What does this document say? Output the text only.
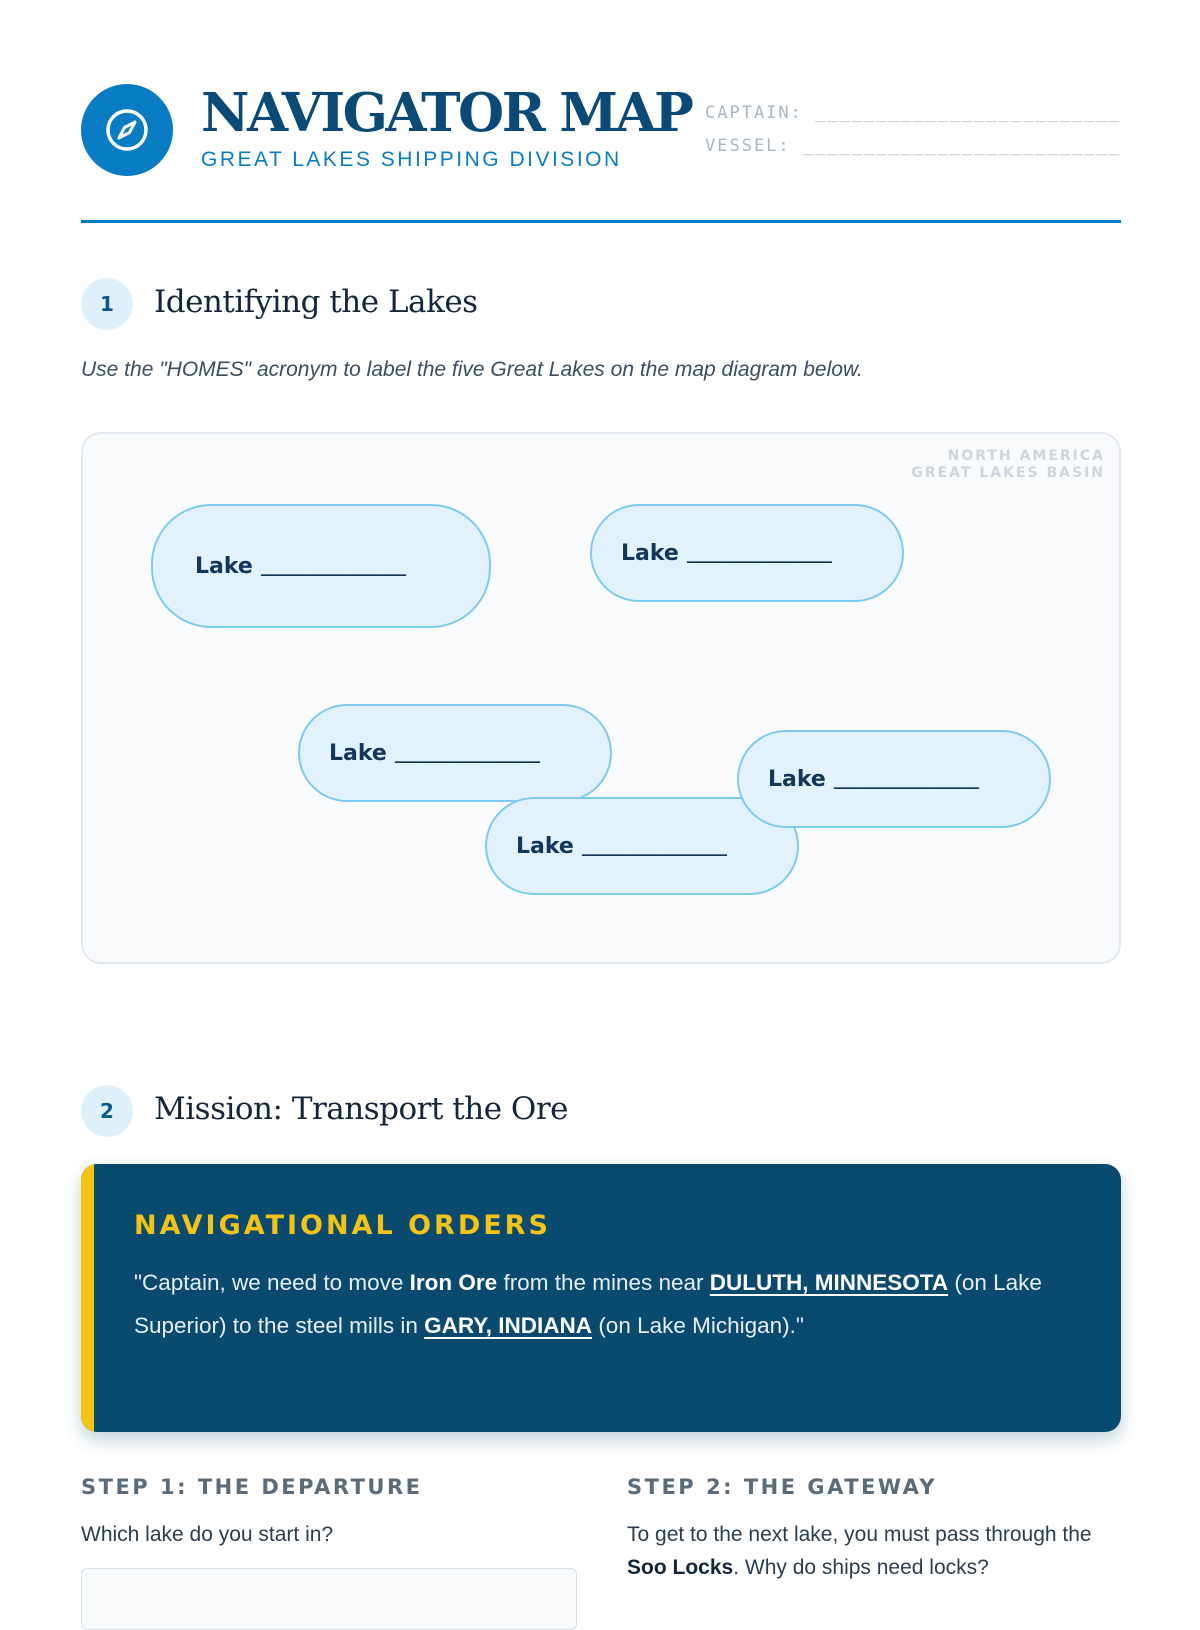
NAVIGATOR MAP
GREAT LAKES SHIPPING DIVISION
CAPTAIN: _________________________
VESSEL: __________________________
1	Identifying the Lakes
Use the "HOMES" acronym to label the five Great Lakes on the map diagram below.
NORTH AMERICA
GREAT LAKES BASIN
Lake ______________
Lake ______________
Lake ______________
Lake ______________
Lake ______________
2	Mission: Transport the Ore
NAVIGATIONAL ORDERS
"Captain, we need to move Iron Ore from the mines near DULUTH, MINNESOTA (on Lake Superior) to the steel mills in GARY, INDIANA (on Lake Michigan)."
STEP 1: THE DEPARTURE
Which lake do you start in?
STEP 2: THE GATEWAY
To get to the next lake, you must pass through the Soo Locks. Why do ships need locks?
